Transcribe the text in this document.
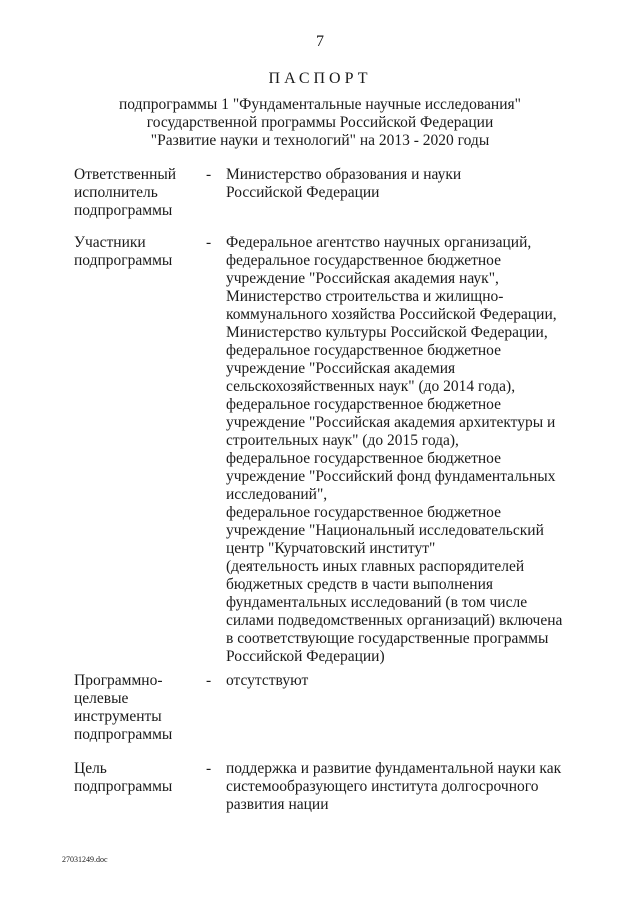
7
ПАСПОРТ
подпрограммы 1 "Фундаментальные научные исследования"
государственной программы Российской Федерации
"Развитие науки и технологий" на 2013 - 2020 годы
Ответственный
исполнитель
подпрограммы
- Министерство образования и науки
Российской Федерации
Участники
подпрограммы
- Федеральное агентство научных организаций,
федеральное государственное бюджетное
учреждение "Российская академия наук",
Министерство строительства и жилищно-
коммунального хозяйства Российской Федерации,
Министерство культуры Российской Федерации,
федеральное государственное бюджетное
учреждение "Российская академия
сельскохозяйственных наук" (до 2014 года),
федеральное государственное бюджетное
учреждение "Российская академия архитектуры и
строительных наук" (до 2015 года),
федеральное государственное бюджетное
учреждение "Российский фонд фундаментальных
исследований",
федеральное государственное бюджетное
учреждение "Национальный исследовательский
центр "Курчатовский институт"
(деятельность иных главных распорядителей
бюджетных средств в части выполнения
фундаментальных исследований (в том числе
силами подведомственных организаций) включена
в соответствующие государственные программы
Российской Федерации)
Программно-
целевые
инструменты
подпрограммы
- отсутствуют
Цель
подпрограммы
- поддержка и развитие фундаментальной науки как
системообразующего института долгосрочного
развития нации
27031249.doc
